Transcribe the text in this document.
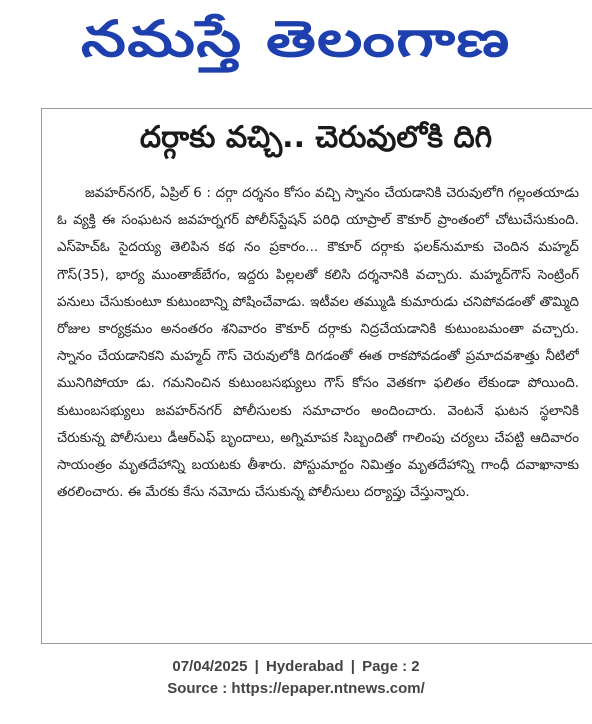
నమస్తే తెలంగాణ
దర్గాకు వచ్చి.. చెరువులోకి దిగి

జవహర్‌నగర్‌, ఏప్రిల్‌ 6 : దర్గా దర్శనం కోసం వచ్చి స్నానం చేయడానికి చెరువులోగి గల్లంతయాడు ఓ వ్యక్తి ఈ సంఘటన జవహర్నగర్‌ పోలీస్‌స్టేషన్‌ పరిధి యాప్రాల్‌ కౌకూర్‌ ప్రాంతంలో చోటుచేసుకుంది. ఎస్‌హెచ్‌ఓ సైదయ్య తెలిపిన కథ నం ప్రకారం... కౌకూర్‌ దర్గాకు ఫలక్‌నుమాకు చెందిన మహ్మద్‌ గౌస్‌(35), భార్య ముంతాజ్‌బేగం, ఇద్దరు పిల్లలతో కలిసి దర్శనానికి వచ్చారు. మహ్మద్‌గౌస్‌ సెంట్రింగ్‌ పనులు చేసుకుంటూ కుటుంబాన్ని పోషించేవాడు. ఇటీవల తమ్ముడి కుమారుడు చనిపోవడంతో తొమ్మిది రోజుల కార్యక్రమం అనంతరం శనివారం కౌకూర్‌ దర్గాకు నిద్రచేయడానికి కుటుంబమంతా వచ్చారు. స్నానం చేయడానికని మహ్మద్‌ గౌస్‌ చెరువులోకి దిగడంతో ఈత రాకపోవడంతో ప్రమాదవశాత్తు నీటిలో మునిగిపోయా డు. గమనించిన కుటుంబసభ్యులు గౌస్‌ కోసం వెతకగా ఫలితం లేకుండా పోయింది. కుటుంబసభ్యులు జవహర్‌నగర్‌ పోలీసులకు సమాచారం అందించారు. వెంటనే ఘటన స్థలానికి చేరుకున్న పోలీసులు డీఆర్‌ఎఫ్‌ బృందాలు, అగ్నిమాపక సిబ్బందితో గాలింపు చర్యలు చేపట్టి ఆదివారం సాయంత్రం మృతదేహాన్ని బయటకు తీశారు. పోస్టుమార్టం నిమిత్తం మృతదేహాన్ని గాంధీ దవాఖానాకు తరలించారు. ఈ మేరకు కేసు నమోదు చేసుకున్న పోలీసులు దర్యాప్తు చేస్తున్నారు.

07/04/2025 | Hyderabad | Page : 2
Source : https://epaper.ntnews.com/
